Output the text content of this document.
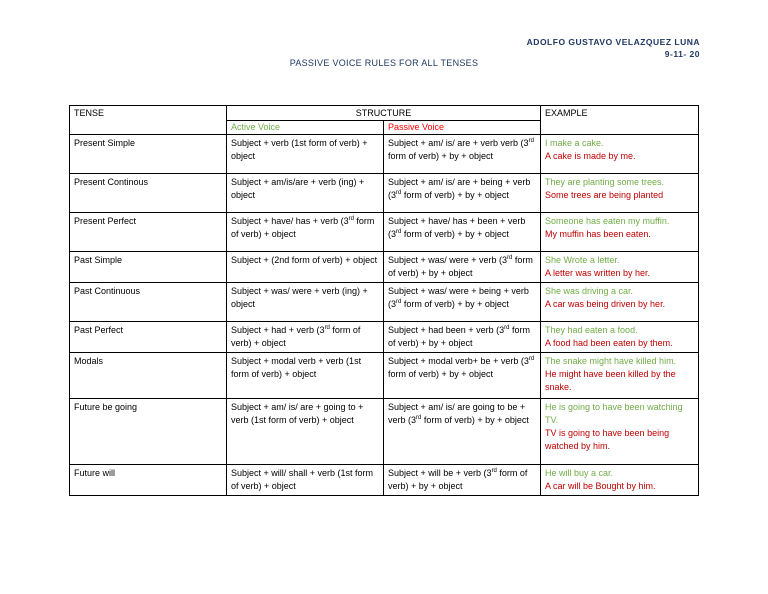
ADOLFO GUSTAVO VELAZQUEZ LUNA
9-11- 20
PASSIVE VOICE RULES FOR ALL TENSES
TENSE	STRUCTURE		EXAMPLE
	Active Voice	Passive Voice	
Present Simple	Subject + verb (1st form of verb) + object	Subject + am/ is/ are + verb verb (3rd form of verb) + by + object	I make a cake.
A cake is made by me.

Present Continous	Subject + am/is/are + verb (ing) + object	Subject + am/ is/ are + being + verb (3rd form of verb) + by + object	They are planting some trees.
Some trees are being planted

Present Perfect	Subject + have/ has + verb (3rd form of verb) + object	Subject + have/ has + been + verb (3rd form of verb) + by + object	Someone has eaten my muffin.
My muffin has been eaten.

Past Simple	Subject + (2nd form of verb) + object	Subject + was/ were + verb (3rd form of verb) + by + object	She Wrote a letter.
A letter was written by her.

Past Continuous	Subject + was/ were + verb (ing) + object	Subject + was/ were + being + verb (3rd form of verb) + by + object	She was driving a car.
A car was being driven by her.

Past Perfect	Subject + had + verb (3rd form of verb) + object	Subject + had been + verb (3rd form of verb) + by + object	They had eaten a food.
A food had been eaten by them.

Modals	Subject + modal verb + verb (1st form of verb) + object	Subject + modal verb+ be + verb (3rd form of verb) + by + object	The snake might have killed him.
He might have been killed by the snake.

Future be going	Subject + am/ is/ are + going to + verb (1st form of verb) + object	Subject + am/ is/ are going to be + verb (3rd form of verb) + by + object	He is going to have been watching TV.
TV is going to have been being watched by him.

Future will	Subject + will/ shall + verb (1st form of verb) + object	Subject + will be + verb (3rd form of verb) + by + object	He will buy a car.
A car will be Bought by him.
